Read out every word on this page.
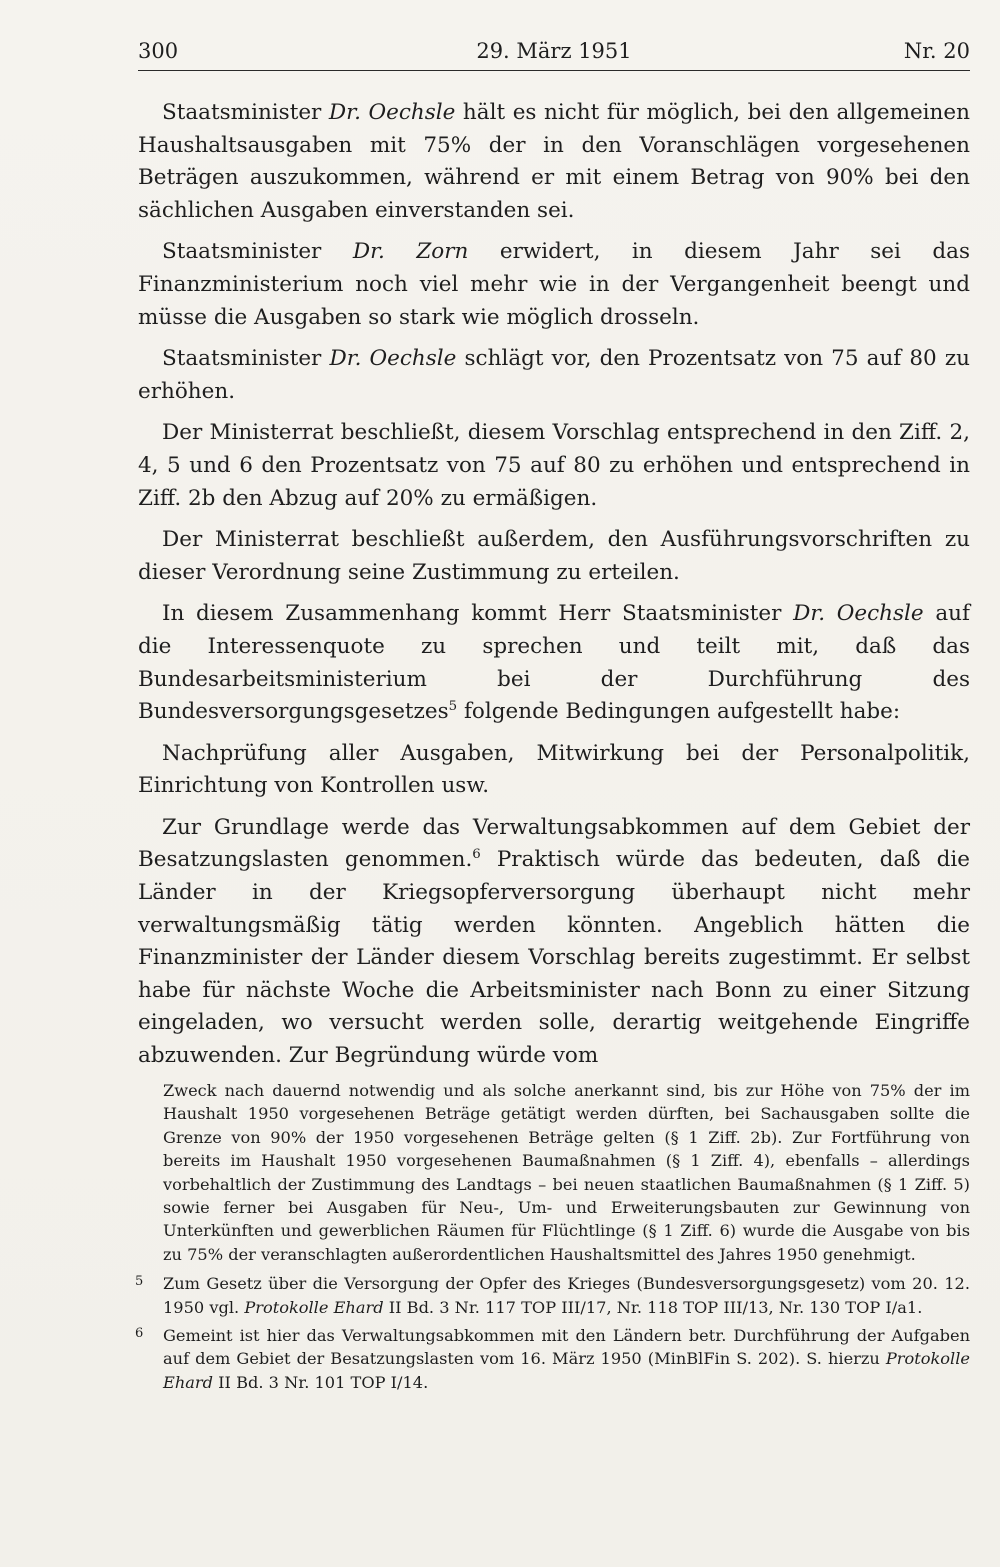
300	29. März 1951	Nr. 20

Staatsminister Dr. Oechsle hält es nicht für möglich, bei den allgemeinen Haushaltsausgaben mit 75% der in den Voranschlägen vorgesehenen Beträgen auszukommen, während er mit einem Betrag von 90% bei den sächlichen Ausgaben einverstanden sei.

Staatsminister Dr. Zorn erwidert, in diesem Jahr sei das Finanzministerium noch viel mehr wie in der Vergangenheit beengt und müsse die Ausgaben so stark wie möglich drosseln.

Staatsminister Dr. Oechsle schlägt vor, den Prozentsatz von 75 auf 80 zu erhöhen.

Der Ministerrat beschließt, diesem Vorschlag entsprechend in den Ziff. 2, 4, 5 und 6 den Prozentsatz von 75 auf 80 zu erhöhen und entsprechend in Ziff. 2b den Abzug auf 20% zu ermäßigen.

Der Ministerrat beschließt außerdem, den Ausführungsvorschriften zu dieser Verordnung seine Zustimmung zu erteilen.

In diesem Zusammenhang kommt Herr Staatsminister Dr. Oechsle auf die Interessenquote zu sprechen und teilt mit, daß das Bundesarbeitsministerium bei der Durchführung des Bundesversorgungsgesetzes$^5$ folgende Bedingungen aufgestellt habe:

Nachprüfung aller Ausgaben, Mitwirkung bei der Personalpolitik, Einrichtung von Kontrollen usw.

Zur Grundlage werde das Verwaltungsabkommen auf dem Gebiet der Besatzungslasten genommen.$^6$ Praktisch würde das bedeuten, daß die Länder in der Kriegsopferversorgung überhaupt nicht mehr verwaltungsmäßig tätig werden könnten. Angeblich hätten die Finanzminister der Länder diesem Vorschlag bereits zugestimmt. Er selbst habe für nächste Woche die Arbeitsminister nach Bonn zu einer Sitzung eingeladen, wo versucht werden solle, derartig weitgehende Eingriffe abzuwenden. Zur Begründung würde vom

Zweck nach dauernd notwendig und als solche anerkannt sind, bis zur Höhe von 75% der im Haushalt 1950 vorgesehenen Beträge getätigt werden dürften, bei Sachausgaben sollte die Grenze von 90% der 1950 vorgesehenen Beträge gelten (§ 1 Ziff. 2b). Zur Fortführung von bereits im Haushalt 1950 vorgesehenen Baumaßnahmen (§ 1 Ziff. 4), ebenfalls – allerdings vorbehaltlich der Zustimmung des Landtags – bei neuen staatlichen Baumaßnahmen (§ 1 Ziff. 5) sowie ferner bei Ausgaben für Neu-, Um- und Erweiterungsbauten zur Gewinnung von Unterkünften und gewerblichen Räumen für Flüchtlinge (§ 1 Ziff. 6) wurde die Ausgabe von bis zu 75% der veranschlagten außerordentlichen Haushaltsmittel des Jahres 1950 genehmigt.

5 Zum Gesetz über die Versorgung der Opfer des Krieges (Bundesversorgungsgesetz) vom 20. 12. 1950 vgl. Protokolle Ehard II Bd. 3 Nr. 117 TOP III/17, Nr. 118 TOP III/13, Nr. 130 TOP I/a1.

6 Gemeint ist hier das Verwaltungsabkommen mit den Ländern betr. Durchführung der Aufgaben auf dem Gebiet der Besatzungslasten vom 16. März 1950 (MinBlFin S. 202). S. hierzu Protokolle Ehard II Bd. 3 Nr. 101 TOP I/14.
